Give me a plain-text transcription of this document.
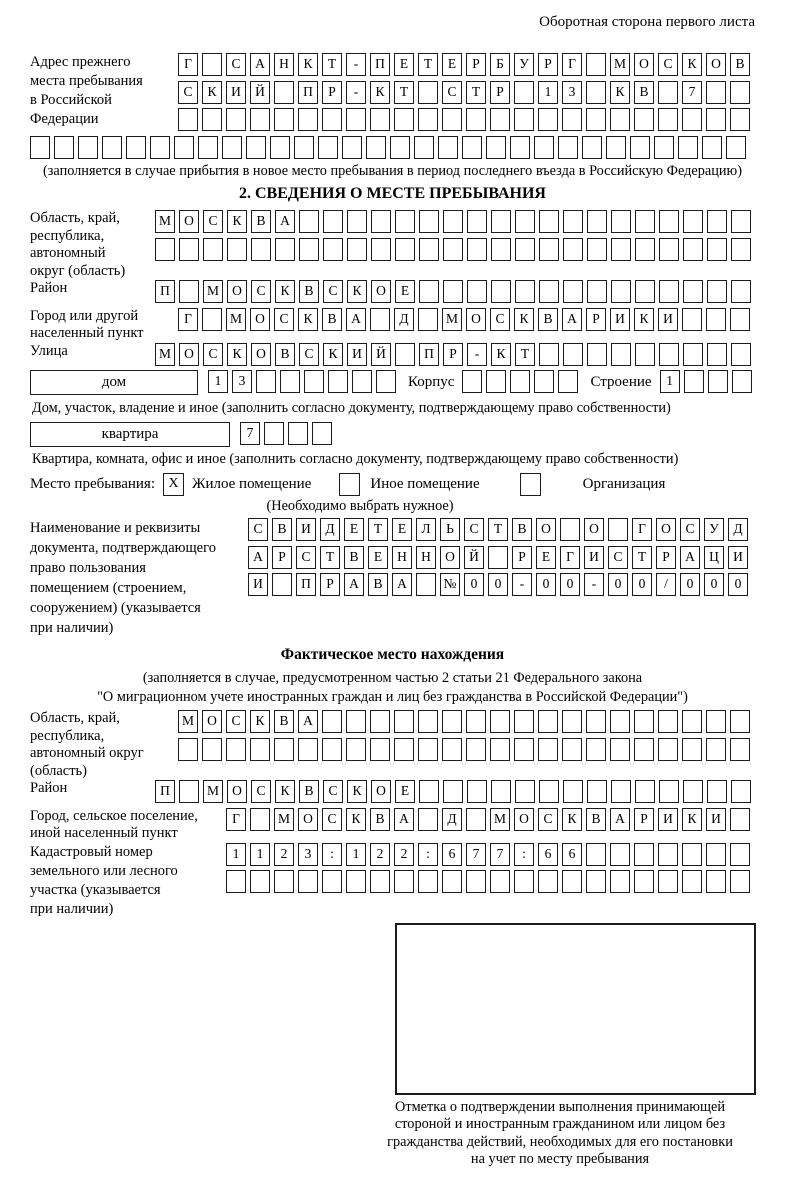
Оборотная сторона первого листа
Адрес прежнего
места пребывания
в Российской
Федерации
Г	С А Н К Т - П Е Т Е Р Б У Р Г	М О С К О В
С К И Й	П Р - К Т	С Т Р	1 3	К В	7
(заполняется в случае прибытия в новое место пребывания в период последнего въезда в Российскую Федерацию)
2. СВЕДЕНИЯ О МЕСТЕ ПРЕБЫВАНИЯ
Область, край,
республика,
автономный
округ (область)
М О С К В А
Район	П	М О С К В С К О Е
Город или другой
населенный пункт
Г	М О С К В А	Д	М О С К В А Р И К И
Улица	М О С К О В С К И Й	П Р - К Т
дом	1 3	Корпус	Строение	1
Дом, участок, владение и иное (заполнить согласно документу, подтверждающему право собственности)
квартира	7
Квартира, комната, офис и иное (заполнить согласно документу, подтверждающему право собственности)
Место пребывания: X Жилое помещение	Иное помещение	Организация
(Необходимо выбрать нужное)
Наименование и реквизиты
документа, подтверждающего
право пользования
помещением (строением,
сооружением) (указывается
при наличии)
С В И Д Е Т Е Л Ь С Т В О	О	Г О С У Д
А Р С Т В Е Н Н О Й	Р Е Г И С Т Р А Ц И
И	П Р А В А	№ 0 0 - 0 0 - 0 0 / 0 0 0
Фактическое место нахождения
(заполняется в случае, предусмотренном частью 2 статьи 21 Федерального закона
"О миграционном учете иностранных граждан и лиц без гражданства в Российской Федерации")
Область, край,
республика,
автономный округ
(область)
М О С К В А
Район	П	М О С К В С К О Е
Город, сельское поселение,
иной населенный пункт
Г	М О С К В А	Д	М О С К В А Р И К И
Кадастровый номер
земельного или лесного
участка (указывается
при наличии)
1 1 2 3 : 1 2 2 : 6 7 7 : 6 6
Отметка о подтверждении выполнения принимающей
стороной и иностранным гражданином или лицом без
гражданства действий, необходимых для его постановки
на учет по месту пребывания
